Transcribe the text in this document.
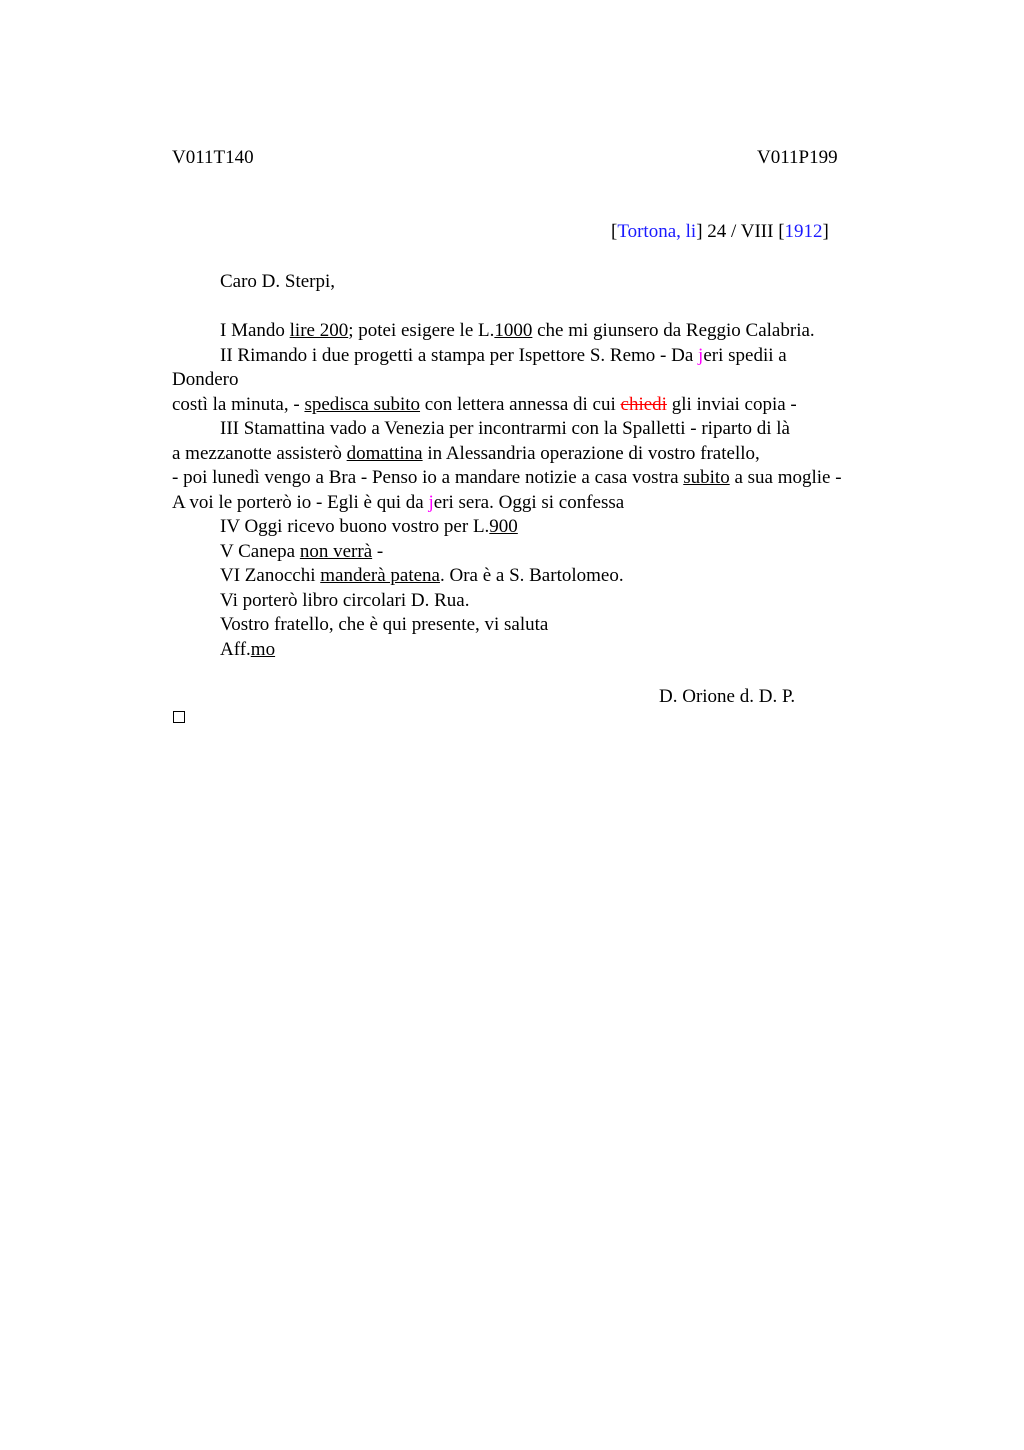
V011T140	V011P199
[Tortona, li] 24 / VIII [1912]
Caro D. Sterpi,
I Mando lire 200; potei esigere le L.1000 che mi giunsero da Reggio Calabria.
II Rimando i due progetti a stampa per Ispettore S. Remo - Da jeri spedii a
Dondero
costì la minuta, - spedisca subito con lettera annessa di cui chiedi gli inviai copia -
III Stamattina vado a Venezia per incontrarmi con la Spalletti - riparto di là
a mezzanotte assisterò domattina in Alessandria operazione di vostro fratello,
- poi lunedì vengo a Bra - Penso io a mandare notizie a casa vostra subito a sua moglie -
A voi le porterò io - Egli è qui da jeri sera. Oggi si confessa
IV Oggi ricevo buono vostro per L.900
V Canepa non verrà -
VI Zanocchi manderà patena. Ora è a S. Bartolomeo.
Vi porterò libro circolari D. Rua.
Vostro fratello, che è qui presente, vi saluta
Aff.mo
D. Orione d. D. P.
